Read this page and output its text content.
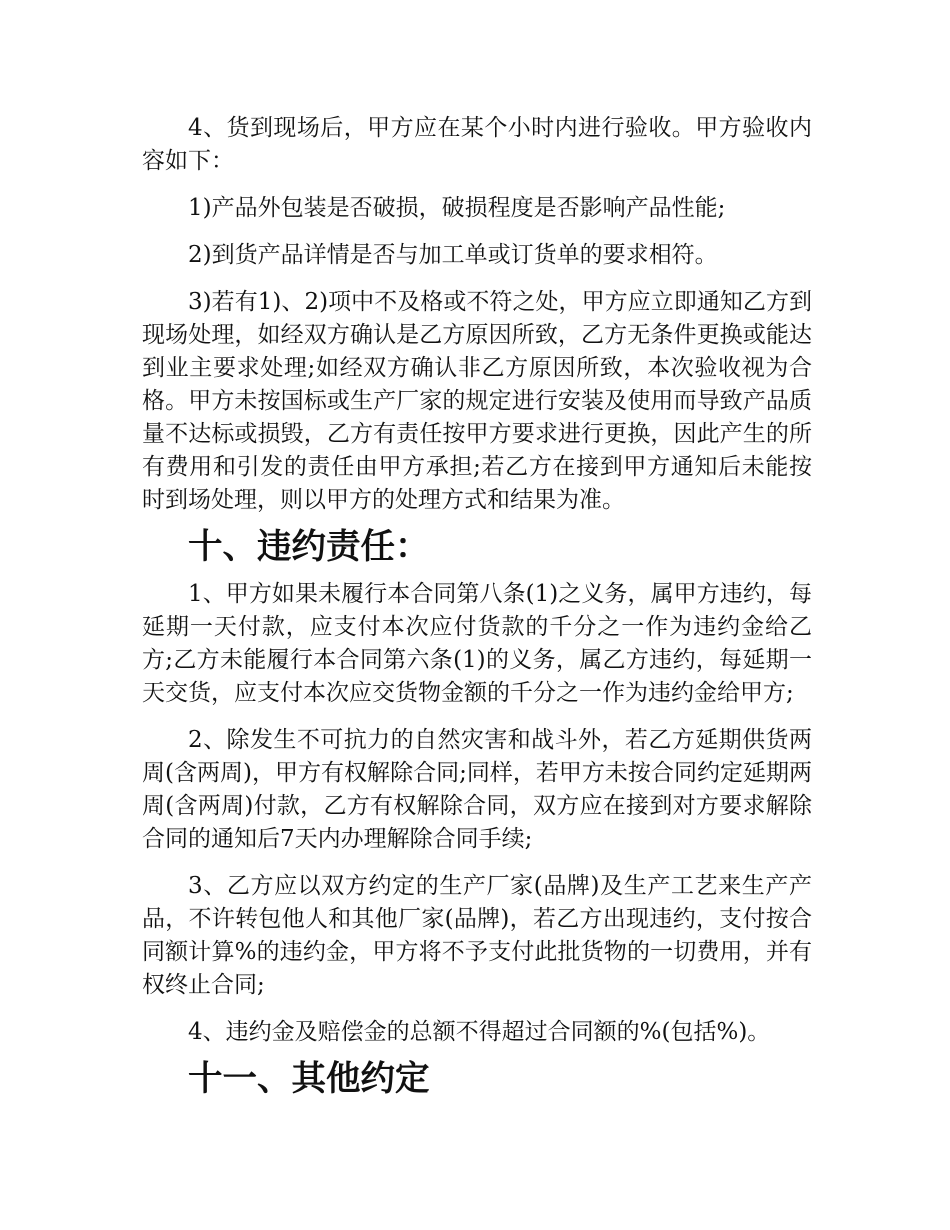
4、货到现场后，甲方应在某个小时内进行验收。甲方验收内容如下：

1)产品外包装是否破损，破损程度是否影响产品性能;

2)到货产品详情是否与加工单或订货单的要求相符。

3)若有1)、2)项中不及格或不符之处，甲方应立即通知乙方到现场处理，如经双方确认是乙方原因所致，乙方无条件更换或能达到业主要求处理;如经双方确认非乙方原因所致，本次验收视为合格。甲方未按国标或生产厂家的规定进行安装及使用而导致产品质量不达标或损毁，乙方有责任按甲方要求进行更换，因此产生的所有费用和引发的责任由甲方承担;若乙方在接到甲方通知后未能按时到场处理，则以甲方的处理方式和结果为准。

十、违约责任：

1、甲方如果未履行本合同第八条(1)之义务，属甲方违约，每延期一天付款，应支付本次应付货款的千分之一作为违约金给乙方;乙方未能履行本合同第六条(1)的义务，属乙方违约，每延期一天交货，应支付本次应交货物金额的千分之一作为违约金给甲方;

2、除发生不可抗力的自然灾害和战斗外，若乙方延期供货两周(含两周)，甲方有权解除合同;同样，若甲方未按合同约定延期两周(含两周)付款，乙方有权解除合同，双方应在接到对方要求解除合同的通知后7天内办理解除合同手续;

3、乙方应以双方约定的生产厂家(品牌)及生产工艺来生产产品，不许转包他人和其他厂家(品牌)，若乙方出现违约，支付按合同额计算%的违约金，甲方将不予支付此批货物的一切费用，并有权终止合同;

4、违约金及赔偿金的总额不得超过合同额的%(包括%)。

十一、其他约定
